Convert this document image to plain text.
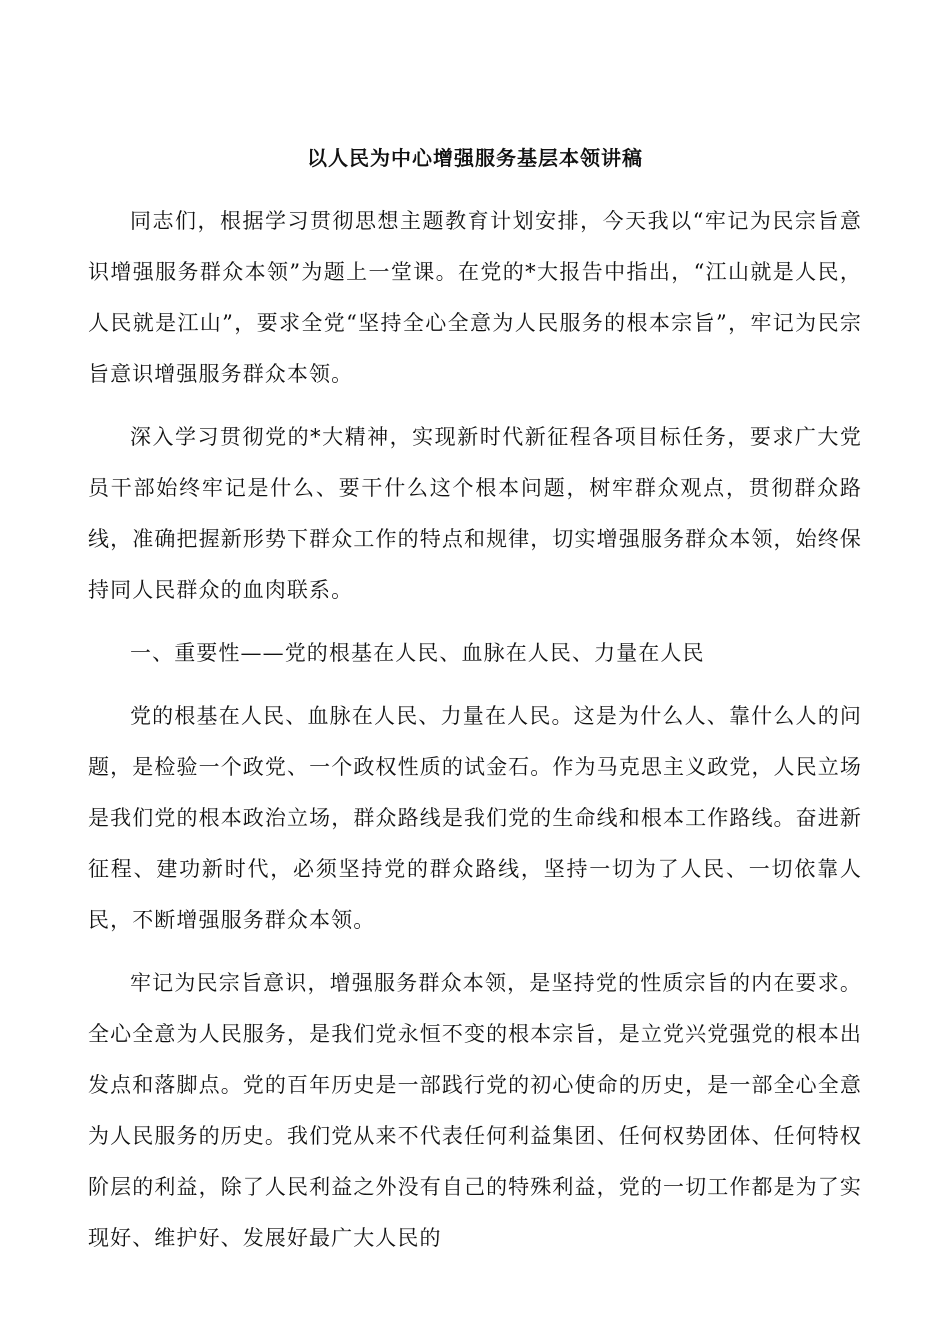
以人民为中心增强服务基层本领讲稿

同志们，根据学习贯彻思想主题教育计划安排，今天我以“牢记为民宗旨意识增强服务群众本领”为题上一堂课。在党的*大报告中指出，“江山就是人民，人民就是江山”，要求全党“坚持全心全意为人民服务的根本宗旨”，牢记为民宗旨意识增强服务群众本领。

深入学习贯彻党的*大精神，实现新时代新征程各项目标任务，要求广大党员干部始终牢记是什么、要干什么这个根本问题，树牢群众观点，贯彻群众路线，准确把握新形势下群众工作的特点和规律，切实增强服务群众本领，始终保持同人民群众的血肉联系。

一、重要性——党的根基在人民、血脉在人民、力量在人民

党的根基在人民、血脉在人民、力量在人民。这是为什么人、靠什么人的问题，是检验一个政党、一个政权性质的试金石。作为马克思主义政党，人民立场是我们党的根本政治立场，群众路线是我们党的生命线和根本工作路线。奋进新征程、建功新时代，必须坚持党的群众路线，坚持一切为了人民、一切依靠人民，不断增强服务群众本领。

牢记为民宗旨意识，增强服务群众本领，是坚持党的性质宗旨的内在要求。全心全意为人民服务，是我们党永恒不变的根本宗旨，是立党兴党强党的根本出发点和落脚点。党的百年历史是一部践行党的初心使命的历史，是一部全心全意为人民服务的历史。我们党从来不代表任何利益集团、任何权势团体、任何特权阶层的利益，除了人民利益之外没有自己的特殊利益，党的一切工作都是为了实现好、维护好、发展好最广大人民的
